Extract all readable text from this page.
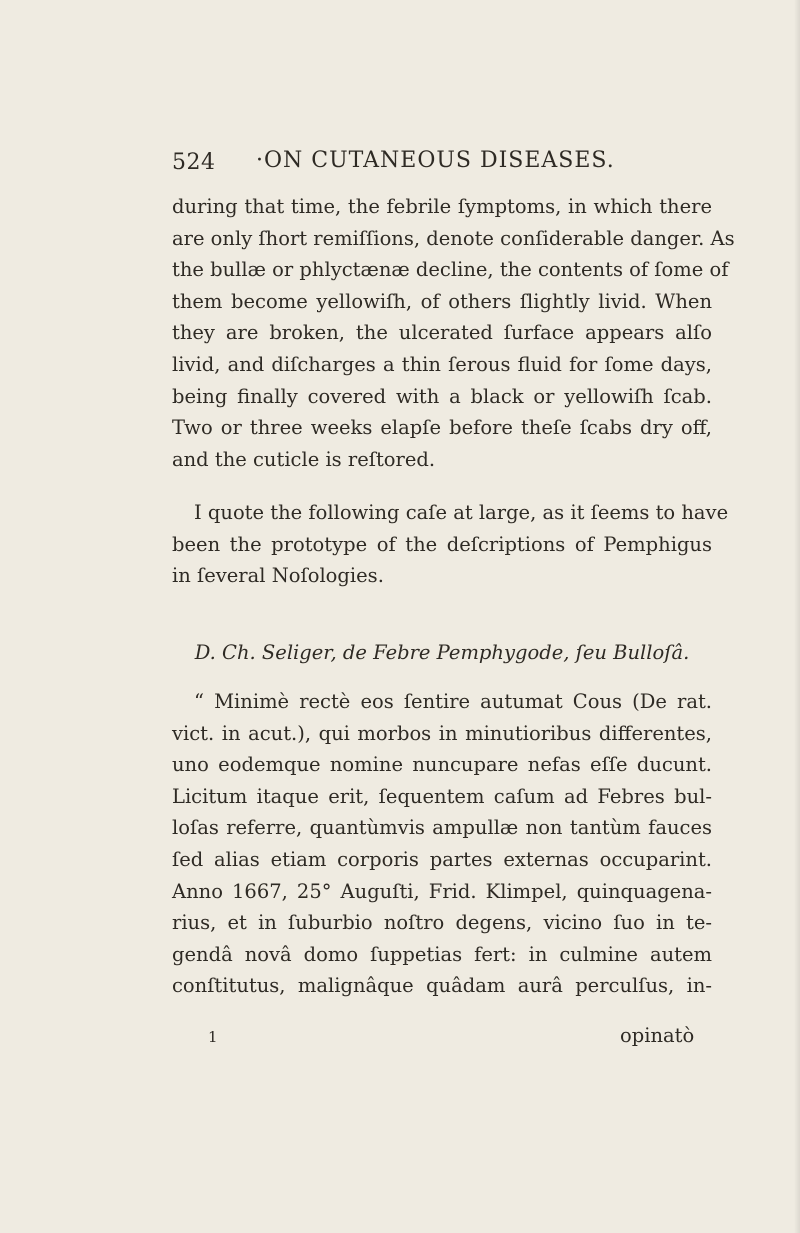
524 ·ON CUTANEOUS DISEASES.
during that time, the febrile ſymptoms, in which there
are only ſhort remiſſions, denote conſiderable danger. As
the bullæ or phlyctænæ decline, the contents of ſome of
them become yellowiſh, of others ſlightly livid. When
they are broken, the ulcerated ſurface appears alſo
livid, and diſcharges a thin ſerous fluid for ſome days,
being finally covered with a black or yellowiſh ſcab.
Two or three weeks elapſe before theſe ſcabs dry off,
and the cuticle is reſtored.
I quote the following caſe at large, as it ſeems to have
been the prototype of the deſcriptions of Pemphigus
in ſeveral Noſologies.
D. Ch. Seliger, de Febre Pemphygode, ſeu Bulloſâ.
“ Minimè rectè eos ſentire autumat Cous (De rat.
vict. in acut.), qui morbos in minutioribus differentes,
uno eodemque nomine nuncupare nefas eſſe ducunt.
Licitum itaque erit, ſequentem caſum ad Febres bul-
loſas referre, quantùmvis ampullæ non tantùm fauces
ſed alias etiam corporis partes externas occuparint.
Anno 1667, 25° Auguſti, Frid. Klimpel, quinquagena-
rius, et in ſuburbio noſtro degens, vicino ſuo in te-
gendâ novâ domo ſuppetias fert: in culmine autem
conſtitutus, malignâque quâdam aurâ perculſus, in-
1	opinatò
